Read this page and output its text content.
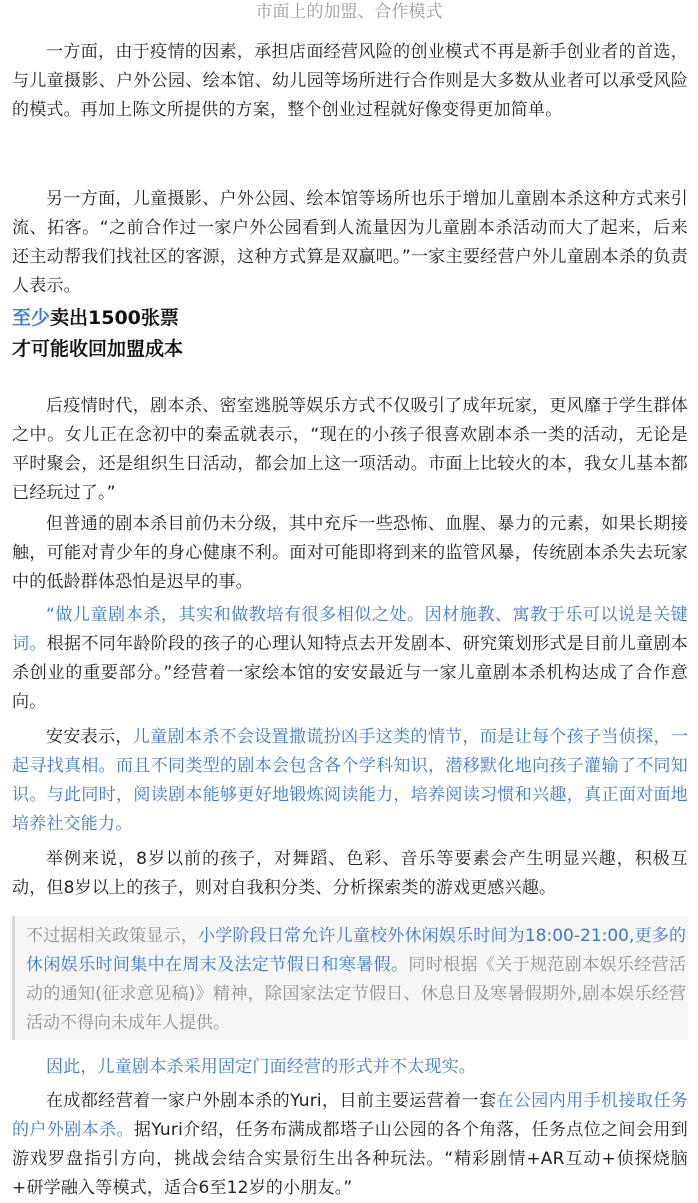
市面上的加盟、合作模式

一方面，由于疫情的因素，承担店面经营风险的创业模式不再是新手创业者的首选，与儿童摄影、户外公园、绘本馆、幼儿园等场所进行合作则是大多数从业者可以承受风险的模式。再加上陈文所提供的方案，整个创业过程就好像变得更加简单。

另一方面，儿童摄影、户外公园、绘本馆等场所也乐于增加儿童剧本杀这种方式来引流、拓客。“之前合作过一家户外公园看到人流量因为儿童剧本杀活动而大了起来，后来还主动帮我们找社区的客源，这种方式算是双赢吧。”一家主要经营户外儿童剧本杀的负责人表示。

至少卖出1500张票
才可能收回加盟成本

后疫情时代，剧本杀、密室逃脱等娱乐方式不仅吸引了成年玩家，更风靡于学生群体之中。女儿正在念初中的秦孟就表示，“现在的小孩子很喜欢剧本杀一类的活动，无论是平时聚会，还是组织生日活动，都会加上这一项活动。市面上比较火的本，我女儿基本都已经玩过了。”

但普通的剧本杀目前仍未分级，其中充斥一些恐怖、血腥、暴力的元素，如果长期接触，可能对青少年的身心健康不利。面对可能即将到来的监管风暴，传统剧本杀失去玩家中的低龄群体恐怕是迟早的事。

“做儿童剧本杀，其实和做教培有很多相似之处。因材施教、寓教于乐可以说是关键词。根据不同年龄阶段的孩子的心理认知特点去开发剧本、研究策划形式是目前儿童剧本杀创业的重要部分。”经营着一家绘本馆的安安最近与一家儿童剧本杀机构达成了合作意向。

安安表示，儿童剧本杀不会设置撒谎扮凶手这类的情节，而是让每个孩子当侦探，一起寻找真相。而且不同类型的剧本会包含各个学科知识，潜移默化地向孩子灌输了不同知识。与此同时，阅读剧本能够更好地锻炼阅读能力，培养阅读习惯和兴趣，真正面对面地培养社交能力。

举例来说，8岁以前的孩子，对舞蹈、色彩、音乐等要素会产生明显兴趣，积极互动，但8岁以上的孩子，则对自我积分类、分析探索类的游戏更感兴趣。

不过据相关政策显示，小学阶段日常允许儿童校外休闲娱乐时间为18:00-21:00,更多的休闲娱乐时间集中在周末及法定节假日和寒暑假。同时根据《关于规范剧本娱乐经营活动的通知(征求意见稿)》精神，除国家法定节假日、休息日及寒暑假期外,剧本娱乐经营活动不得向未成年人提供。

因此，儿童剧本杀采用固定门面经营的形式并不太现实。

在成都经营着一家户外剧本杀的Yuri，目前主要运营着一套在公园内用手机接取任务的户外剧本杀。据Yuri介绍，任务布满成都塔子山公园的各个角落，任务点位之间会用到游戏罗盘指引方向，挑战会结合实景衍生出各种玩法。“精彩剧情+AR互动+侦探烧脑+研学融入等模式，适合6至12岁的小朋友。”
